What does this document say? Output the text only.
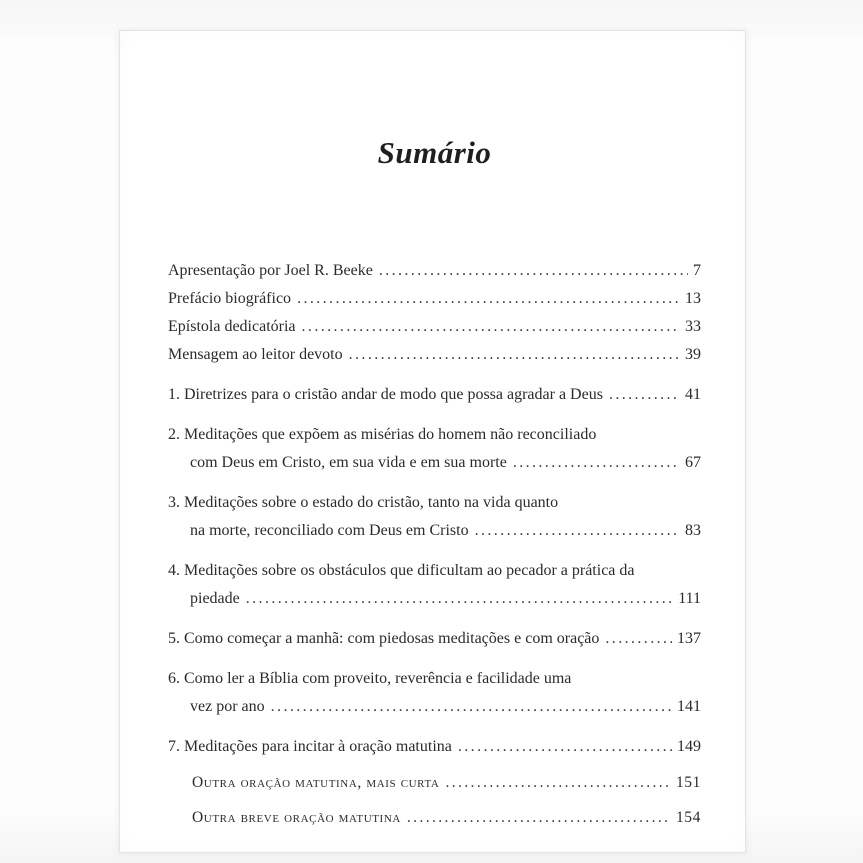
Sumário
Apresentação por Joel R. Beeke .....	7
Prefácio biográfico .....	13
Epístola dedicatória .....	33
Mensagem ao leitor devoto .....	39
1. Diretrizes para o cristão andar de modo que possa agradar a Deus .....	41
2. Meditações que expõem as misérias do homem não reconciliado
com Deus em Cristo, em sua vida e em sua morte .....	67
3. Meditações sobre o estado do cristão, tanto na vida quanto
na morte, reconciliado com Deus em Cristo .....	83
4. Meditações sobre os obstáculos que dificultam ao pecador a prática da
piedade .....	111
5. Como começar a manhã: com piedosas meditações e com oração .....	137
6. Como ler a Bíblia com proveito, reverência e facilidade uma
vez por ano .....	141
7. Meditações para incitar à oração matutina .....	149
Outra oração matutina, mais curta .....	151
Outra breve oração matutina .....	154
